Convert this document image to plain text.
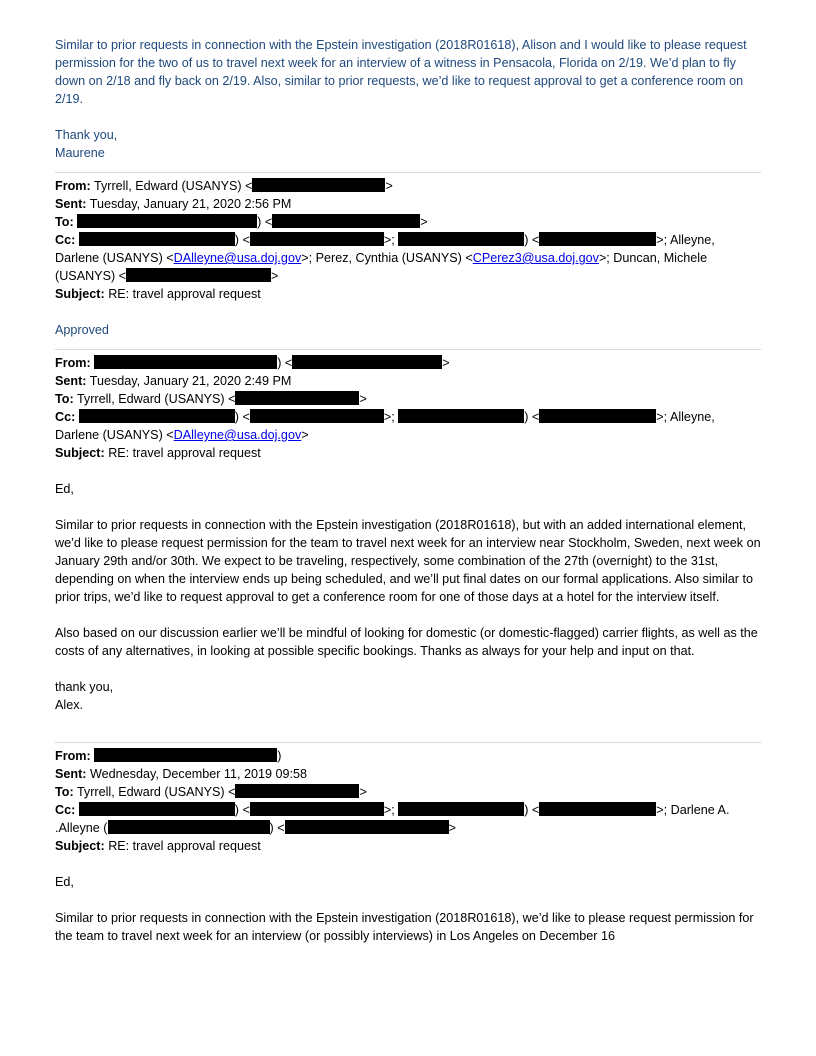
Similar to prior requests in connection with the Epstein investigation (2018R01618), Alison and I would like to please request permission for the two of us to travel next week for an interview of a witness in Pensacola, Florida on 2/19. We’d plan to fly down on 2/18 and fly back on 2/19. Also, similar to prior requests, we’d like to request approval to get a conference room on 2/19.

Thank you,

Maurene

From: Tyrrell, Edward (USANYS) <	>
Sent: Tuesday, January 21, 2020 2:56 PM
To:	) <	>
Cc:	) <	>;	) <	>; Alleyne, Darlene (USANYS) <DAlleyne@usa.doj.gov>; Perez, Cynthia (USANYS) <CPerez3@usa.doj.gov>; Duncan, Michele (USANYS) <	>
Subject: RE: travel approval request

Approved

From:	) <	>
Sent: Tuesday, January 21, 2020 2:49 PM
To: Tyrrell, Edward (USANYS) <	>
Cc:	) <	>;	) <	>; Alleyne, Darlene (USANYS) <DAlleyne@usa.doj.gov>
Subject: RE: travel approval request

Ed,

Similar to prior requests in connection with the Epstein investigation (2018R01618), but with an added international element, we’d like to please request permission for the team to travel next week for an interview near Stockholm, Sweden, next week on January 29th and/or 30th. We expect to be traveling, respectively, some combination of the 27th (overnight) to the 31st, depending on when the interview ends up being scheduled, and we’ll put final dates on our formal applications. Also similar to prior trips, we’d like to request approval to get a conference room for one of those days at a hotel for the interview itself.

Also based on our discussion earlier we’ll be mindful of looking for domestic (or domestic-flagged) carrier flights, as well as the costs of any alternatives, in looking at possible specific bookings. Thanks as always for your help and input on that.

thank you,

Alex.

From:	)
Sent: Wednesday, December 11, 2019 09:58
To: Tyrrell, Edward (USANYS) <	>
Cc:	) <	>;	) <	>; Darlene A. .Alleyne (	) <	>
Subject: RE: travel approval request

Ed,

Similar to prior requests in connection with the Epstein investigation (2018R01618), we’d like to please request permission for the team to travel next week for an interview (or possibly interviews) in Los Angeles on December 16
